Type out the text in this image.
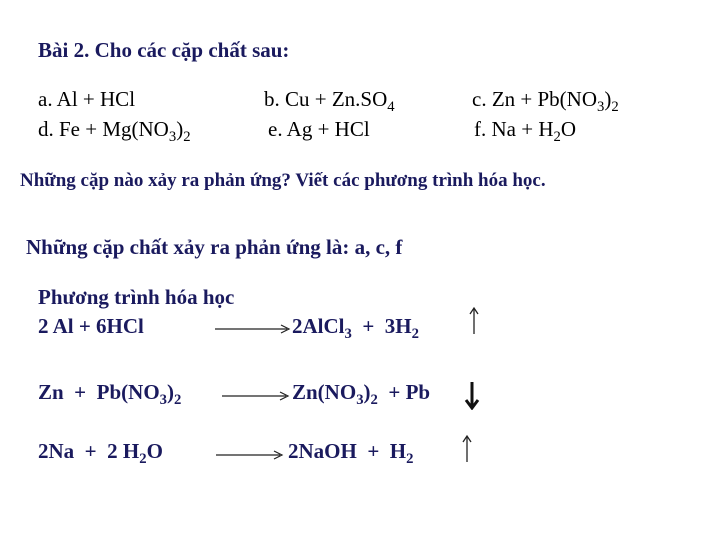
Bài 2. Cho các cặp chất sau:
a. Al + HCl	b. $Cu + Zn.SO_4$	c. $Zn + Pb(NO_3)_2$
d. $Fe + Mg(NO_3)_2$	e. Ag + HCl	f. $Na + H_2O$
Những cặp nào xảy ra phản ứng? Viết các phương trình hóa học.
Những cặp chất xảy ra phản ứng là: a, c, f
Phương trình hóa học
2 Al + 6HCl	2AlCl$_3$  +  $3H_2$
$Zn + Pb(NO_3)_2$	$Zn(NO_3)_2 + Pb$
2Na  +  2 $H_2O$	2NaOH  +  $H_2$
